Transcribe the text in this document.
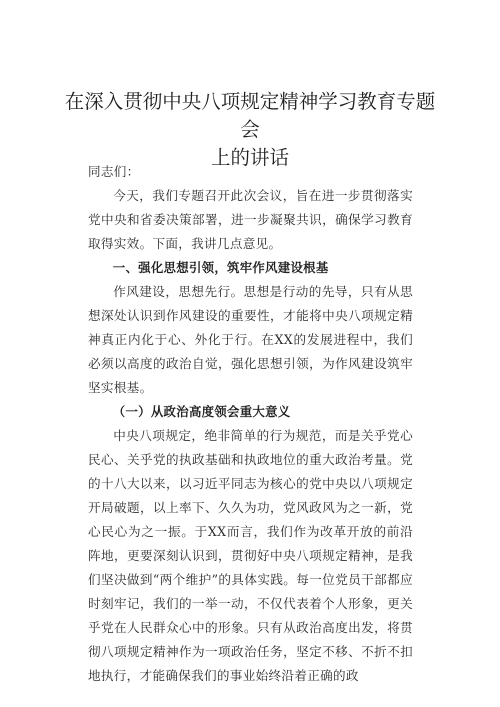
在深入贯彻中央八项规定精神学习教育专题会
上的讲话

同志们：

今天，我们专题召开此次会议，旨在进一步贯彻落实党中央和省委决策部署，进一步凝聚共识，确保学习教育取得实效。下面，我讲几点意见。

一、强化思想引领，筑牢作风建设根基

作风建设，思想先行。思想是行动的先导，只有从思想深处认识到作风建设的重要性，才能将中央八项规定精神真正内化于心、外化于行。在XX的发展进程中，我们必须以高度的政治自觉，强化思想引领，为作风建设筑牢坚实根基。

（一）从政治高度领会重大意义

中央八项规定，绝非简单的行为规范，而是关乎党心民心、关乎党的执政基础和执政地位的重大政治考量。党的十八大以来，以习近平同志为核心的党中央以八项规定开局破题，以上率下、久久为功，党风政风为之一新，党心民心为之一振。于XX而言，我们作为改革开放的前沿阵地，更要深刻认识到，贯彻好中央八项规定精神，是我们坚决做到“两个维护”的具体实践。每一位党员干部都应时刻牢记，我们的一举一动，不仅代表着个人形象，更关乎党在人民群众心中的形象。只有从政治高度出发，将贯彻八项规定精神作为一项政治任务，坚定不移、不折不扣地执行，才能确保我们的事业始终沿着正确的政
